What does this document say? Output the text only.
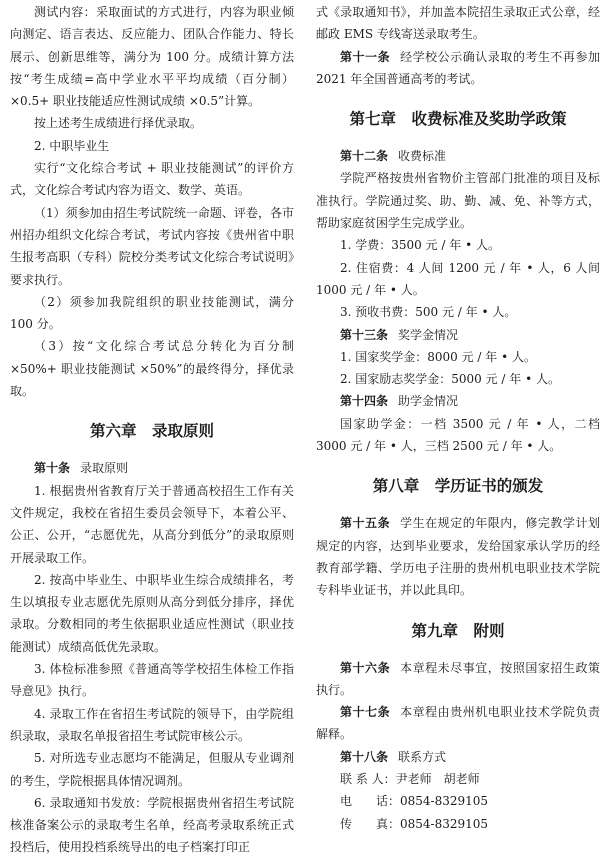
测试内容：采取面试的方式进行，内容为职业倾向测定、语言表达、反应能力、团队合作能力、特长展示、创新思维等，满分为 100 分。成绩计算方法按“考生成绩=高中学业水平平均成绩（百分制）×0.5+ 职业技能适应性测试成绩 ×0.5”计算。

按上述考生成绩进行择优录取。

2. 中职毕业生

实行“文化综合考试 + 职业技能测试”的评价方式，文化综合考试内容为语文、数学、英语。

（1）须参加由招生考试院统一命题、评卷，各市州招办组织文化综合考试，考试内容按《贵州省中职生报考高职（专科）院校分类考试文化综合考试说明》要求执行。

（2）须参加我院组织的职业技能测试，满分 100 分。

（3）按“文化综合考试总分转化为百分制 ×50%+ 职业技能测试 ×50%”的最终得分，择优录取。

第六章　录取原则

第十条 录取原则

1. 根据贵州省教育厅关于普通高校招生工作有关文件规定，我校在省招生委员会领导下，本着公平、公正、公开，“志愿优先，从高分到低分”的录取原则开展录取工作。

2. 按高中毕业生、中职毕业生综合成绩排名，考生以填报专业志愿优先原则从高分到低分排序，择优录取。分数相同的考生依据职业适应性测试（职业技能测试）成绩高低优先录取。

3. 体检标准参照《普通高等学校招生体检工作指导意见》执行。

4. 录取工作在省招生考试院的领导下，由学院组织录取，录取名单报省招生考试院审核公示。

5. 对所选专业志愿均不能满足，但服从专业调剂的考生，学院根据具体情况调剂。

6. 录取通知书发放：学院根据贵州省招生考试院核准备案公示的录取考生名单，经高考录取系统正式投档后，使用投档系统导出的电子档案打印正

式《录取通知书》，并加盖本院招生录取正式公章，经邮政 EMS 专线寄送录取考生。

第十一条 经学校公示确认录取的考生不再参加 2021 年全国普通高考的考试。

第七章　收费标准及奖助学政策

第十二条 收费标准

学院严格按贵州省物价主管部门批准的项目及标准执行。学院通过奖、助、勤、减、免、补等方式，帮助家庭贫困学生完成学业。

1. 学费：3500 元 / 年 • 人。

2. 住宿费：4 人间 1200 元 / 年 • 人，6 人间 1000 元 / 年 • 人。

3. 预收书费：500 元 / 年 • 人。

第十三条 奖学金情况

1. 国家奖学金：8000 元 / 年 • 人。

2. 国家励志奖学金：5000 元 / 年 • 人。

第十四条 助学金情况

国家助学金：一档 3500 元 / 年 • 人，二档 3000 元 / 年 • 人，三档 2500 元 / 年 • 人。

第八章　学历证书的颁发

第十五条 学生在规定的年限内，修完教学计划规定的内容，达到毕业要求，发给国家承认学历的经教育部学籍、学历电子注册的贵州机电职业技术学院专科毕业证书，并以此具印。

第九章　附则

第十六条 本章程未尽事宜，按照国家招生政策执行。

第十七条 本章程由贵州机电职业技术学院负责解释。

第十八条 联系方式

联 系 人：尹老师　胡老师

电　　话：0854-8329105

传　　真：0854-8329105
